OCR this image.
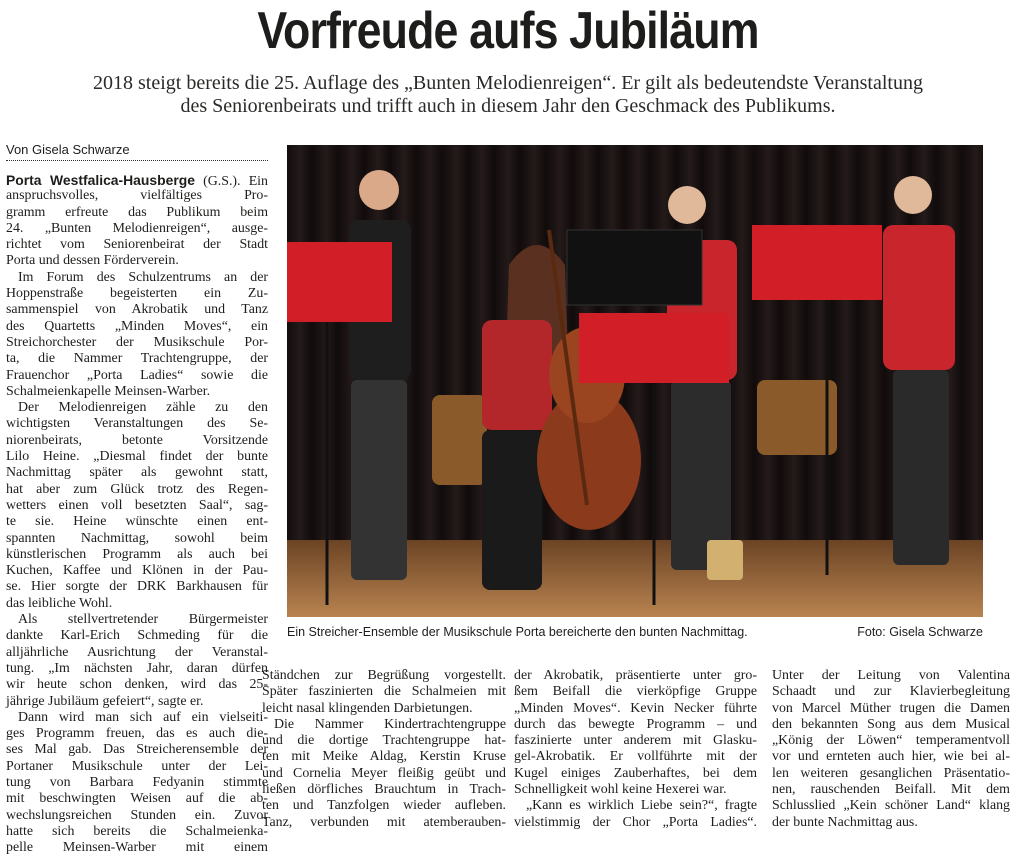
Vorfreude aufs Jubiläum
2018 steigt bereits die 25. Auflage des „Bunten Melodienreigen“. Er gilt als bedeutendste Veranstaltung
des Seniorenbeirats und trifft auch in diesem Jahr den Geschmack des Publikums.
Von Gisela Schwarze
Porta Westfalica-Hausberge (G.S.). Ein
anspruchsvolles, vielfältiges Pro-
gramm erfreute das Publikum beim
24. „Bunten Melodienreigen“, ausge-
richtet vom Seniorenbeirat der Stadt
Porta und dessen Förderverein.
Im Forum des Schulzentrums an der
Hoppenstraße begeisterten ein Zu-
sammenspiel von Akrobatik und Tanz
des Quartetts „Minden Moves“, ein
Streichorchester der Musikschule Por-
ta, die Nammer Trachtengruppe, der
Frauenchor „Porta Ladies“ sowie die
Schalmeienkapelle Meinsen-Warber.
Der Melodienreigen zähle zu den
wichtigsten Veranstaltungen des Se-
niorenbeirats, betonte Vorsitzende
Lilo Heine. „Diesmal findet der bunte
Nachmittag später als gewohnt statt,
hat aber zum Glück trotz des Regen-
wetters einen voll besetzten Saal“, sag-
te sie. Heine wünschte einen ent-
spannten Nachmittag, sowohl beim
künstlerischen Programm als auch bei
Kuchen, Kaffee und Klönen in der Pau-
se. Hier sorgte der DRK Barkhausen für
das leibliche Wohl.
Als stellvertretender Bürgermeister
dankte Karl-Erich Schmeding für die
alljährliche Ausrichtung der Veranstal-
tung. „Im nächsten Jahr, daran dürfen
wir heute schon denken, wird das 25-
jährige Jubiläum gefeiert“, sagte er.
Dann wird man sich auf ein vielseiti-
ges Programm freuen, das es auch die-
ses Mal gab. Das Streicherensemble der
Portaner Musikschule unter der Lei-
tung von Barbara Fedyanin stimmte
mit beschwingten Weisen auf die ab-
wechslungsreichen Stunden ein. Zuvor
hatte sich bereits die Schalmeienka-
pelle Meinsen-Warber mit einem
Ständchen zur Begrüßung vorgestellt.
Später faszinierten die Schalmeien mit
leicht nasal klingenden Darbietungen.
Die Nammer Kindertrachtengruppe
und die dortige Trachtengruppe hat-
ten mit Meike Aldag, Kerstin Kruse
und Cornelia Meyer fleißig geübt und
ließen dörfliches Brauchtum in Trach-
ten und Tanzfolgen wieder aufleben.
Tanz, verbunden mit atemberauben-
der Akrobatik, präsentierte unter gro-
ßem Beifall die vierköpfige Gruppe
„Minden Moves“. Kevin Necker führte
durch das bewegte Programm – und
faszinierte unter anderem mit Glasku-
gel-Akrobatik. Er vollführte mit der
Kugel einiges Zauberhaftes, bei dem
Schnelligkeit wohl keine Hexerei war.
„Kann es wirklich Liebe sein?“, fragte
vielstimmig der Chor „Porta Ladies“.
Unter der Leitung von Valentina
Schaadt und zur Klavierbegleitung
von Marcel Müther trugen die Damen
den bekannten Song aus dem Musical
„König der Löwen“ temperamentvoll
vor und ernteten auch hier, wie bei al-
len weiteren gesanglichen Präsentatio-
nen, rauschenden Beifall. Mit dem
Schlusslied „Kein schöner Land“ klang
der bunte Nachmittag aus.
Ein Streicher-Ensemble der Musikschule Porta bereicherte den bunten Nachmittag.	Foto: Gisela Schwarze
